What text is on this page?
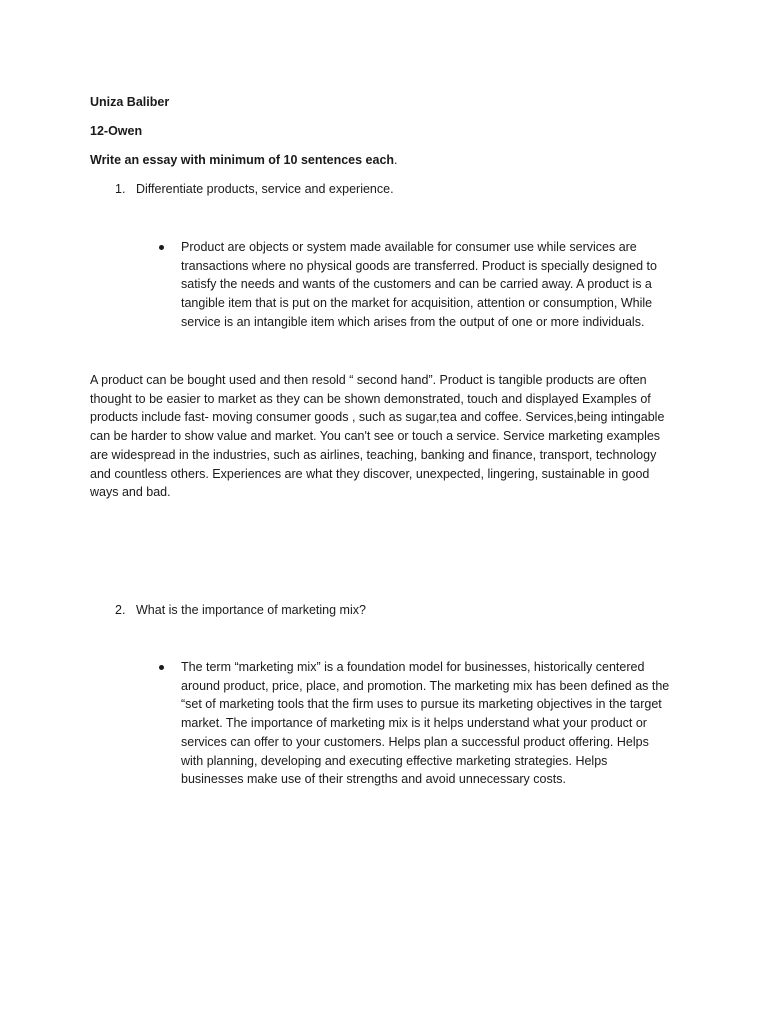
Uniza Baliber
12-Owen
Write an essay with minimum of 10 sentences each.
1. Differentiate products, service and experience.
Product are objects or system made available for consumer use while services are
transactions where no physical goods are transferred. Product is specially designed to
satisfy the needs and wants of the customers and can be carried away. A product is a
tangible item that is put on the market for acquisition, attention or consumption, While
service is an intangible item which arises from the output of one or more individuals.
A product can be bought used and then resold “ second hand”. Product is tangible products are often
thought to be easier to market as they can be shown demonstrated, touch and displayed Examples of
products include fast- moving consumer goods , such as sugar,tea and coffee. Services,being intingable
can be harder to show value and market. You can't see or touch a service. Service marketing examples
are widespread in the industries, such as airlines, teaching, banking and finance, transport, technology
and countless others. Experiences are what they discover, unexpected, lingering, sustainable in good
ways and bad.
2. What is the importance of marketing mix?
The term “marketing mix” is a foundation model for businesses, historically centered
around product, price, place, and promotion. The marketing mix has been defined as the
“set of marketing tools that the firm uses to pursue its marketing objectives in the target
market. The importance of marketing mix is it helps understand what your product or
services can offer to your customers. Helps plan a successful product offering. Helps
with planning, developing and executing effective marketing strategies. Helps
businesses make use of their strengths and avoid unnecessary costs.
